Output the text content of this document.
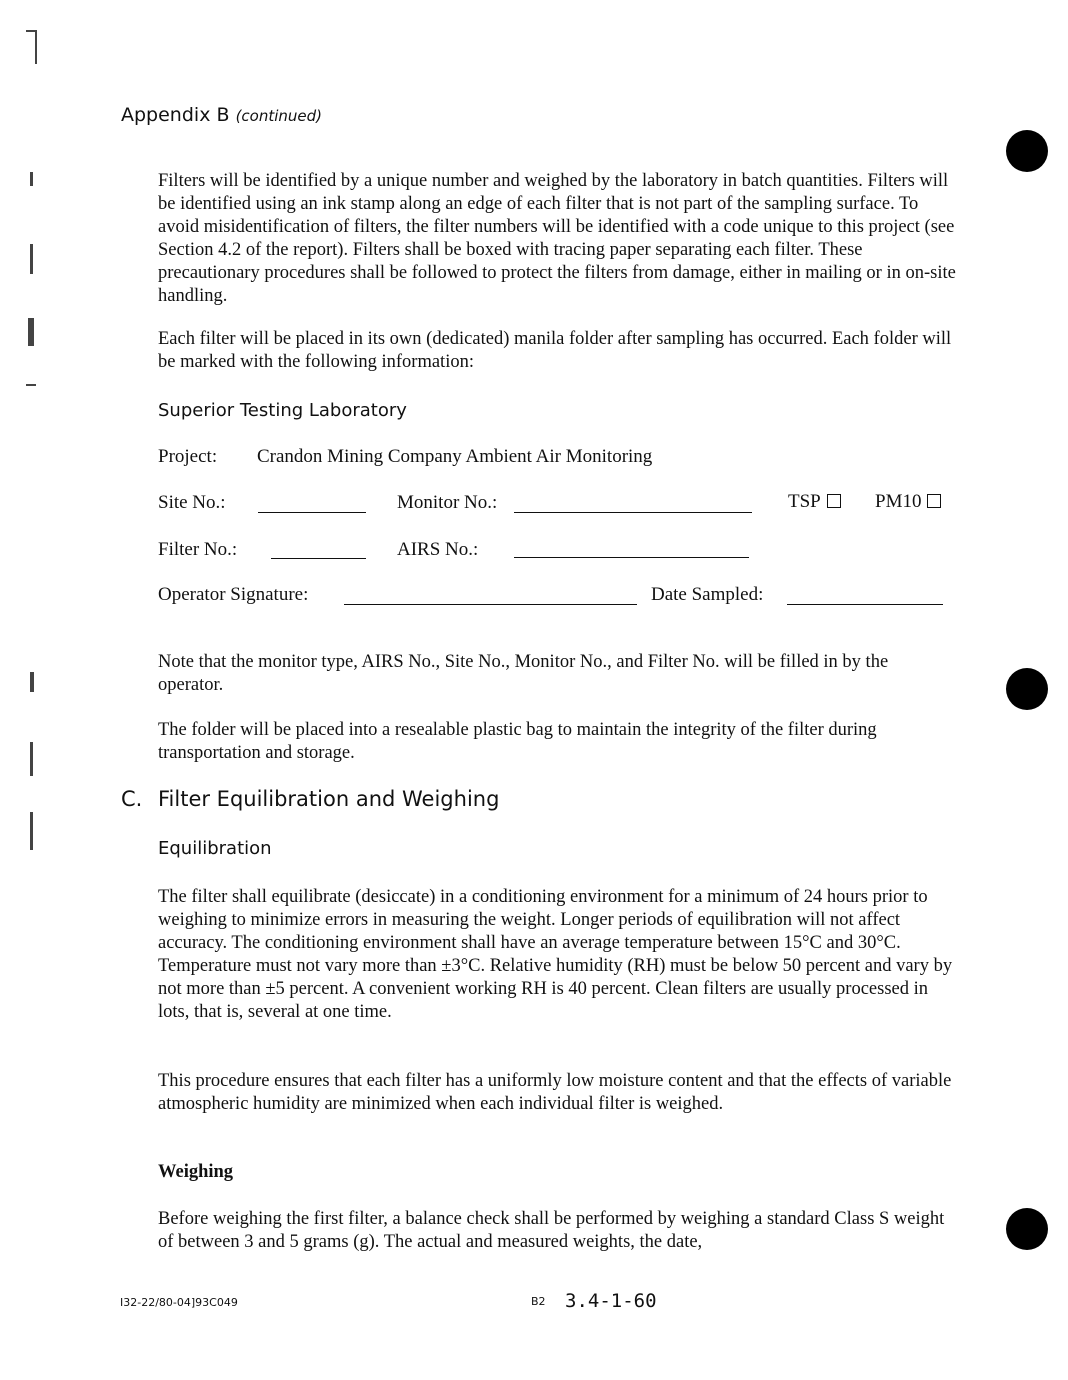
Appendix B (continued)
Filters will be identified by a unique number and weighed by the laboratory in batch quantities. Filters will be identified using an ink stamp along an edge of each filter that is not part of the sampling surface. To avoid misidentification of filters, the filter numbers will be identified with a code unique to this project (see Section 4.2 of the report). Filters shall be boxed with tracing paper separating each filter. These precautionary procedures shall be followed to protect the filters from damage, either in mailing or in on-site handling.
Each filter will be placed in its own (dedicated) manila folder after sampling has occurred. Each folder will be marked with the following information:
Superior Testing Laboratory
Project: Crandon Mining Company Ambient Air Monitoring
Site No.:	Monitor No.:	TSP	PM10
Filter No.:	AIRS No.:
Operator Signature:	Date Sampled:
Note that the monitor type, AIRS No., Site No., Monitor No., and Filter No. will be filled in by the operator.
The folder will be placed into a resealable plastic bag to maintain the integrity of the filter during transportation and storage.
C. Filter Equilibration and Weighing
Equilibration
The filter shall equilibrate (desiccate) in a conditioning environment for a minimum of 24 hours prior to weighing to minimize errors in measuring the weight. Longer periods of equilibration will not affect accuracy. The conditioning environment shall have an average temperature between 15°C and 30°C. Temperature must not vary more than ±3°C. Relative humidity (RH) must be below 50 percent and vary by not more than ±5 percent. A convenient working RH is 40 percent. Clean filters are usually processed in lots, that is, several at one time.
This procedure ensures that each filter has a uniformly low moisture content and that the effects of variable atmospheric humidity are minimized when each individual filter is weighed.
Weighing
Before weighing the first filter, a balance check shall be performed by weighing a standard Class S weight of between 3 and 5 grams (g). The actual and measured weights, the date,
I32-22/80-04]93C049	B2 3.4-1-60
